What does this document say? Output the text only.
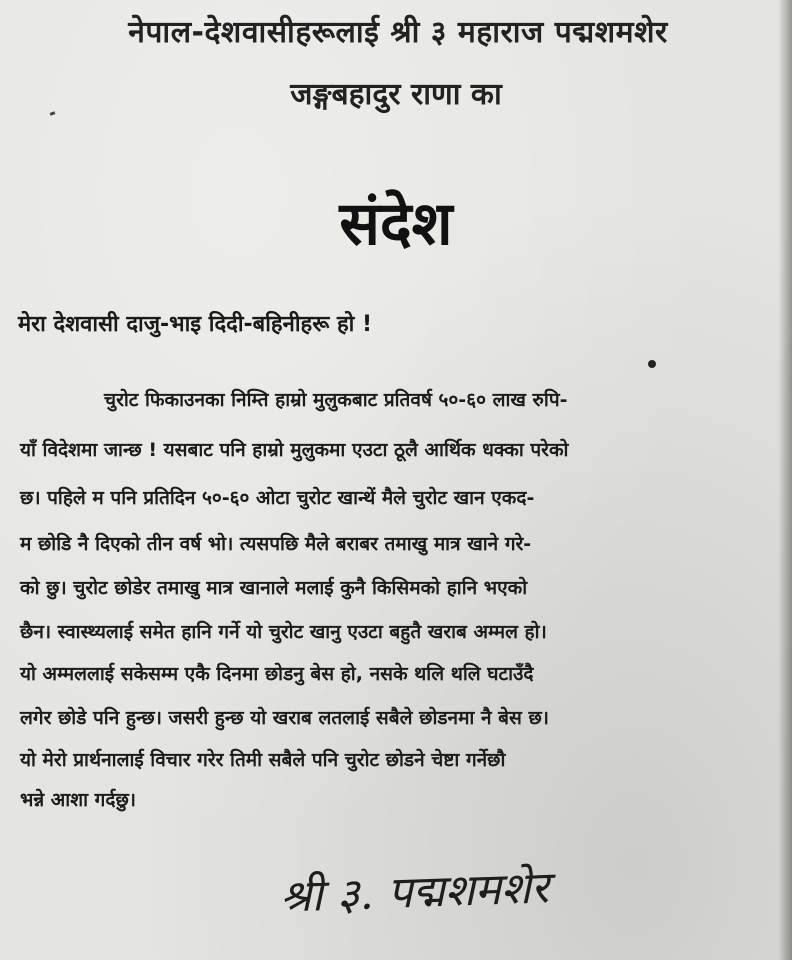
नेपाल-देशवासीहरूलाई श्री ३ महाराज पद्मशमशेर
जङ्गबहादुर राणा का
संदेश
मेरा देशवासी दाजु-भाइ दिदी-बहिनीहरू हो !
चुरोट फिकाउनका निम्ति हाम्रो मुलुकबाट प्रतिवर्ष ५०-६० लाख रुपि-
याँ विदेशमा जान्छ ! यसबाट पनि हाम्रो मुलुकमा एउटा ठूलै आर्थिक धक्का परेको
छ। पहिले म पनि प्रतिदिन ५०-६० ओटा चुरोट खान्थें मैले चुरोट खान एकद-
म छोडि नै दिएको तीन वर्ष भो। त्यसपछि मैले बराबर तमाखु मात्र खाने गरे-
को छु। चुरोट छोडेर तमाखु मात्र खानाले मलाई कुनै किसिमको हानि भएको
छैन। स्वास्थ्यलाई समेत हानि गर्ने यो चुरोट खानु एउटा बहुतै खराब अम्मल हो।
यो अम्मललाई सकेसम्म एकै दिनमा छोडनु बेस हो, नसके थलि थलि घटाउँदै
लगेर छोडे पनि हुन्छ। जसरी हुन्छ यो खराब लतलाई सबैले छोडनमा नै बेस छ।
यो मेरो प्रार्थनालाई विचार गरेर तिमी सबैले पनि चुरोट छोडने चेष्टा गर्नेछौ
भन्ने आशा गर्दछु।
श्री ३. पद्मशमशेर
